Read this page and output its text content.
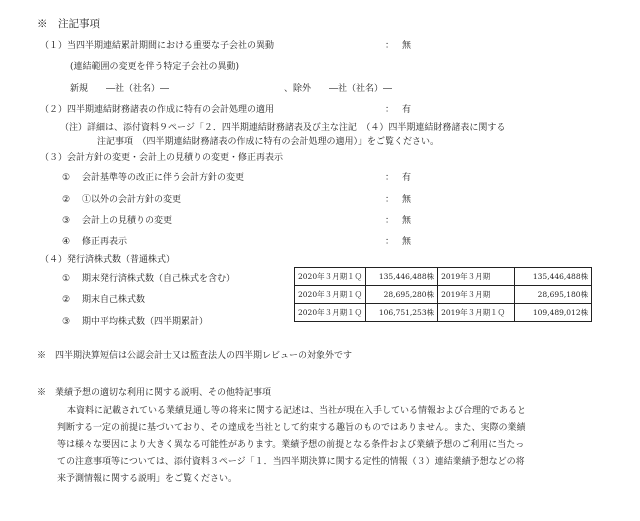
※　注記事項
（１）当四半期連結累計期間における重要な子会社の異動	： 無
(連結範囲の変更を伴う特定子会社の異動)
新規　　―社（社名）―	、除外　　―社（社名）―
（２）四半期連結財務諸表の作成に特有の会計処理の適用	： 有
（注）詳細は、添付資料９ページ「２．四半期連結財務諸表及び主な注記　（４）四半期連結財務諸表に関する
注記事項　（四半期連結財務諸表の作成に特有の会計処理の適用）」をご覧ください。
（３）会計方針の変更・会計上の見積りの変更・修正再表示
① 会計基準等の改正に伴う会計方針の変更	： 有
② ①以外の会計方針の変更	： 無
③ 会計上の見積りの変更	： 無
④ 修正再表示	： 無
（４）発行済株式数（普通株式）
① 期末発行済株式数（自己株式を含む）
② 期末自己株式数
③ 期中平均株式数（四半期累計）
2020年３月期１Ｑ	135,446,488株	2019年３月期	135,446,488株
2020年３月期１Ｑ	28,695,280株	2019年３月期	28,695,180株
2020年３月期１Ｑ	106,751,253株	2019年３月期１Ｑ	109,489,012株
※　四半期決算短信は公認会計士又は監査法人の四半期レビューの対象外です
※　業績予想の適切な利用に関する説明、その他特記事項
本資料に記載されている業績見通し等の将来に関する記述は、当社が現在入手している情報および合理的であると
判断する一定の前提に基づいており、その達成を当社として約束する趣旨のものではありません。また、実際の業績
等は様々な要因により大きく異なる可能性があります。業績予想の前提となる条件および業績予想のご利用に当たっ
ての注意事項等については、添付資料３ページ「１．当四半期決算に関する定性的情報（３）連結業績予想などの将
来予測情報に関する説明」をご覧ください。
